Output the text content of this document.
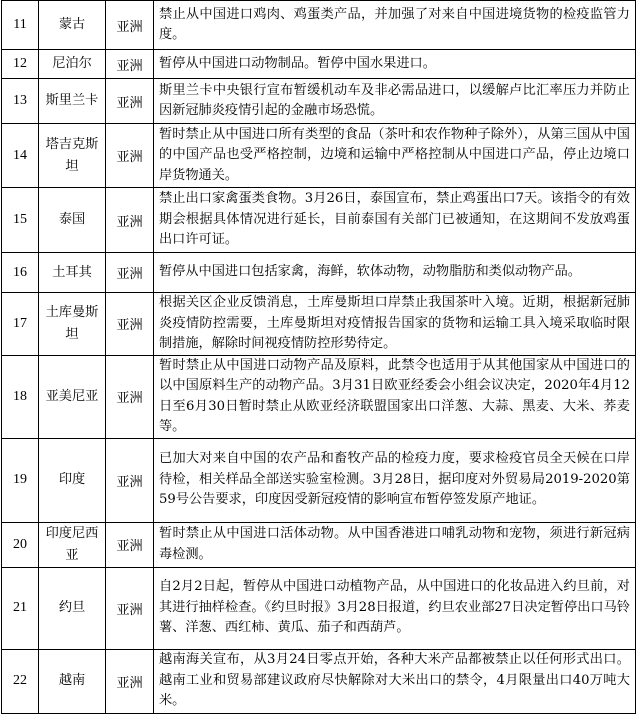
11	蒙古	亚洲	禁止从中国进口鸡肉、鸡蛋类产品，并加强了对来自中国进境货物的检疫监管力度。
12	尼泊尔	亚洲	暂停从中国进口动物制品。暂停中国水果进口。
13	斯里兰卡	亚洲	斯里兰卡中央银行宣布暂缓机动车及非必需品进口，以缓解卢比汇率压力并防止因新冠肺炎疫情引起的金融市场恐慌。
14	塔吉克斯坦	亚洲	暂时禁止从中国进口所有类型的食品（茶叶和农作物种子除外），从第三国从中国的中国产品也受严格控制，边境和运输中严格控制从中国进口产品，停止边境口岸货物通关。
15	泰国	亚洲	禁止出口家禽蛋类食物。3月26日，泰国宣布，禁止鸡蛋出口7天。该指令的有效期会根据具体情况进行延长，目前泰国有关部门已被通知，在这期间不发放鸡蛋出口许可证。
16	土耳其	亚洲	暂停从中国进口包括家禽，海鲜，软体动物，动物脂肪和类似动物产品。
17	土库曼斯坦	亚洲	根据关区企业反馈消息，土库曼斯坦口岸禁止我国茶叶入境。近期，根据新冠肺炎疫情防控需要，土库曼斯坦对疫情报告国家的货物和运输工具入境采取临时限制措施，解除时间视疫情防控形势待定。
18	亚美尼亚	亚洲	暂时禁止从中国进口动物产品及原料，此禁令也适用于从其他国家从中国进口的以中国原料生产的动物产品。3月31日欧亚经委会小组会议决定，2020年4月12日至6月30日暂时禁止从欧亚经济联盟国家出口洋葱、大蒜、黑麦、大米、荞麦等。
19	印度	亚洲	已加大对来自中国的农产品和畜牧产品的检疫力度，要求检疫官员全天候在口岸待检，相关样品全部送实验室检测。3月28日，据印度对外贸易局2019-2020第59号公告要求，印度因受新冠疫情的影响宣布暂停签发原产地证。
20	印度尼西亚	亚洲	暂时禁止从中国进口活体动物。从中国香港进口哺乳动物和宠物，须进行新冠病毒检测。
21	约旦	亚洲	自2月2日起，暂停从中国进口动植物产品，从中国进口的化妆品进入约旦前，对其进行抽样检查。《约旦时报》3月28日报道，约旦农业部27日决定暂停出口马铃薯、洋葱、西红柿、黄瓜、茄子和西葫芦。
22	越南	亚洲	越南海关宣布，从3月24日零点开始，各种大米产品都被禁止以任何形式出口。越南工业和贸易部建议政府尽快解除对大米出口的禁令，4月限量出口40万吨大米。
